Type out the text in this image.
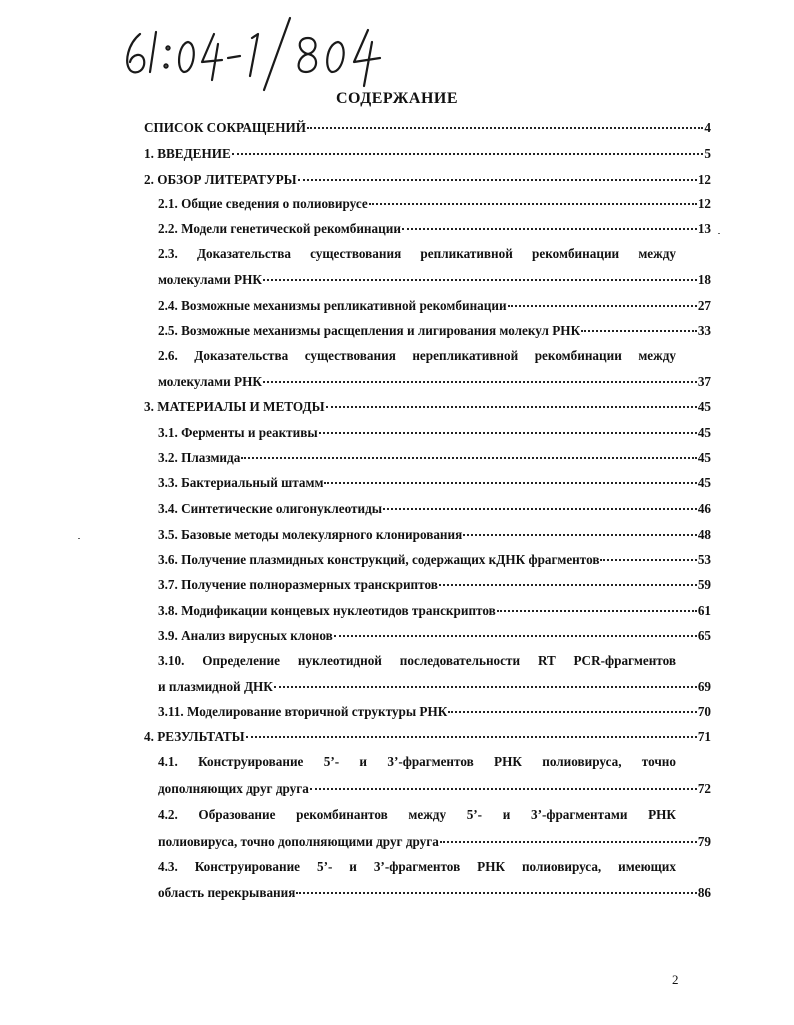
СОДЕРЖАНИЕ
СПИСОК СОКРАЩЕНИЙ	4
1. ВВЕДЕНИЕ	5
2. ОБЗОР ЛИТЕРАТУРЫ	12
2.1. Общие сведения о полиовирусе	12
2.2. Модели генетической рекомбинации	13
2.3. Доказательства существования репликативной рекомбинации между
молекулами РНК	18
2.4. Возможные механизмы репликативной рекомбинации	27
2.5. Возможные механизмы расщепления и лигирования молекул РНК	33
2.6. Доказательства существования нерепликативной рекомбинации между
молекулами РНК	37
3. МАТЕРИАЛЫ И МЕТОДЫ	45
3.1. Ферменты и реактивы	45
3.2. Плазмида	45
3.3. Бактериальный штамм	45
3.4. Синтетические олигонуклеотиды	46
3.5. Базовые методы молекулярного клонирования	48
3.6. Получение плазмидных конструкций, содержащих кДНК фрагментов	53
3.7. Получение полноразмерных транскриптов	59
3.8. Модификации концевых нуклеотидов транскриптов	61
3.9. Анализ вирусных клонов	65
3.10. Определение нуклеотидной последовательности RT PCR-фрагментов
и плазмидной ДНК	69
3.11. Моделирование вторичной структуры РНК	70
4. РЕЗУЛЬТАТЫ	71
4.1. Конструирование 5’- и 3’-фрагментов РНК полиовируса, точно
дополняющих друг друга	72
4.2. Образование рекомбинантов между 5’- и 3’-фрагментами РНК
полиовируса, точно дополняющими друг друга	79
4.3. Конструирование 5’- и 3’-фрагментов РНК полиовируса, имеющих
область перекрывания	86
2
